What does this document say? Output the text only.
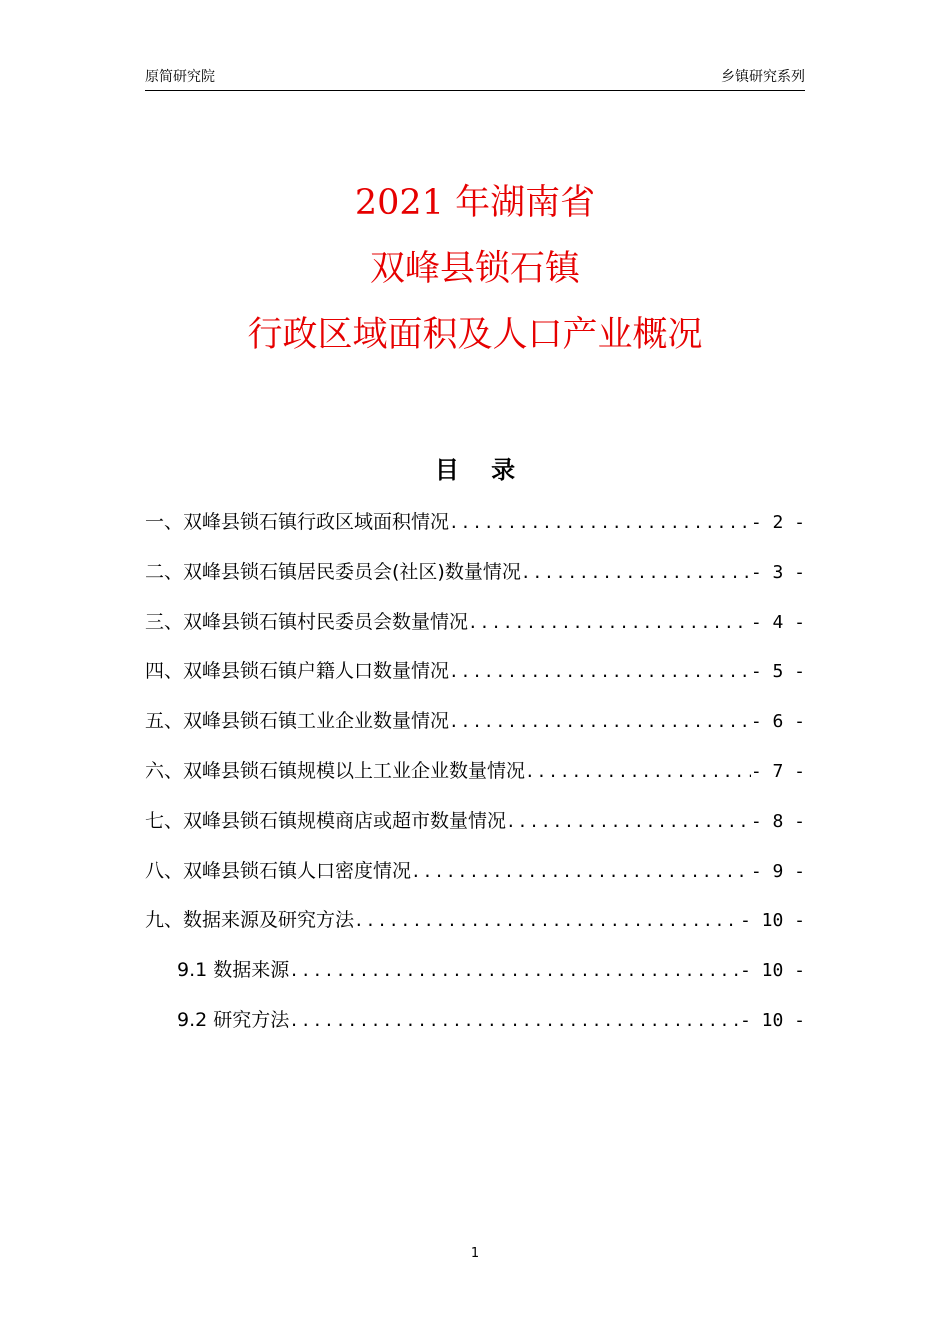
原简研究院	乡镇研究系列
2021 年湖南省
双峰县锁石镇
行政区域面积及人口产业概况
目 录
一、双峰县锁石镇行政区域面积情况 .....	- 2 -
二、双峰县锁石镇居民委员会(社区)数量情况 .....	- 3 -
三、双峰县锁石镇村民委员会数量情况 .....	- 4 -
四、双峰县锁石镇户籍人口数量情况 .....	- 5 -
五、双峰县锁石镇工业企业数量情况 .....	- 6 -
六、双峰县锁石镇规模以上工业企业数量情况 .....	- 7 -
七、双峰县锁石镇规模商店或超市数量情况 .....	- 8 -
八、双峰县锁石镇人口密度情况 .....	- 9 -
九、数据来源及研究方法 .....	- 10 -
9.1 数据来源 .....	- 10 -
9.2 研究方法 .....	- 10 -
1
